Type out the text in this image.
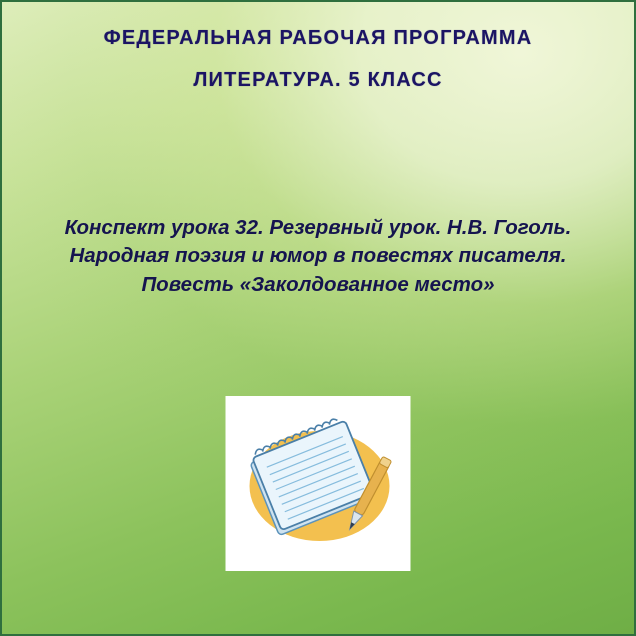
ФЕДЕРАЛЬНАЯ РАБОЧАЯ ПРОГРАММА
ЛИТЕРАТУРА. 5 КЛАСС

Конспект урока 32. Резервный урок. Н.В. Гоголь.

Народная поэзия и юмор в повестях писателя.

Повесть «Заколдованное место»
